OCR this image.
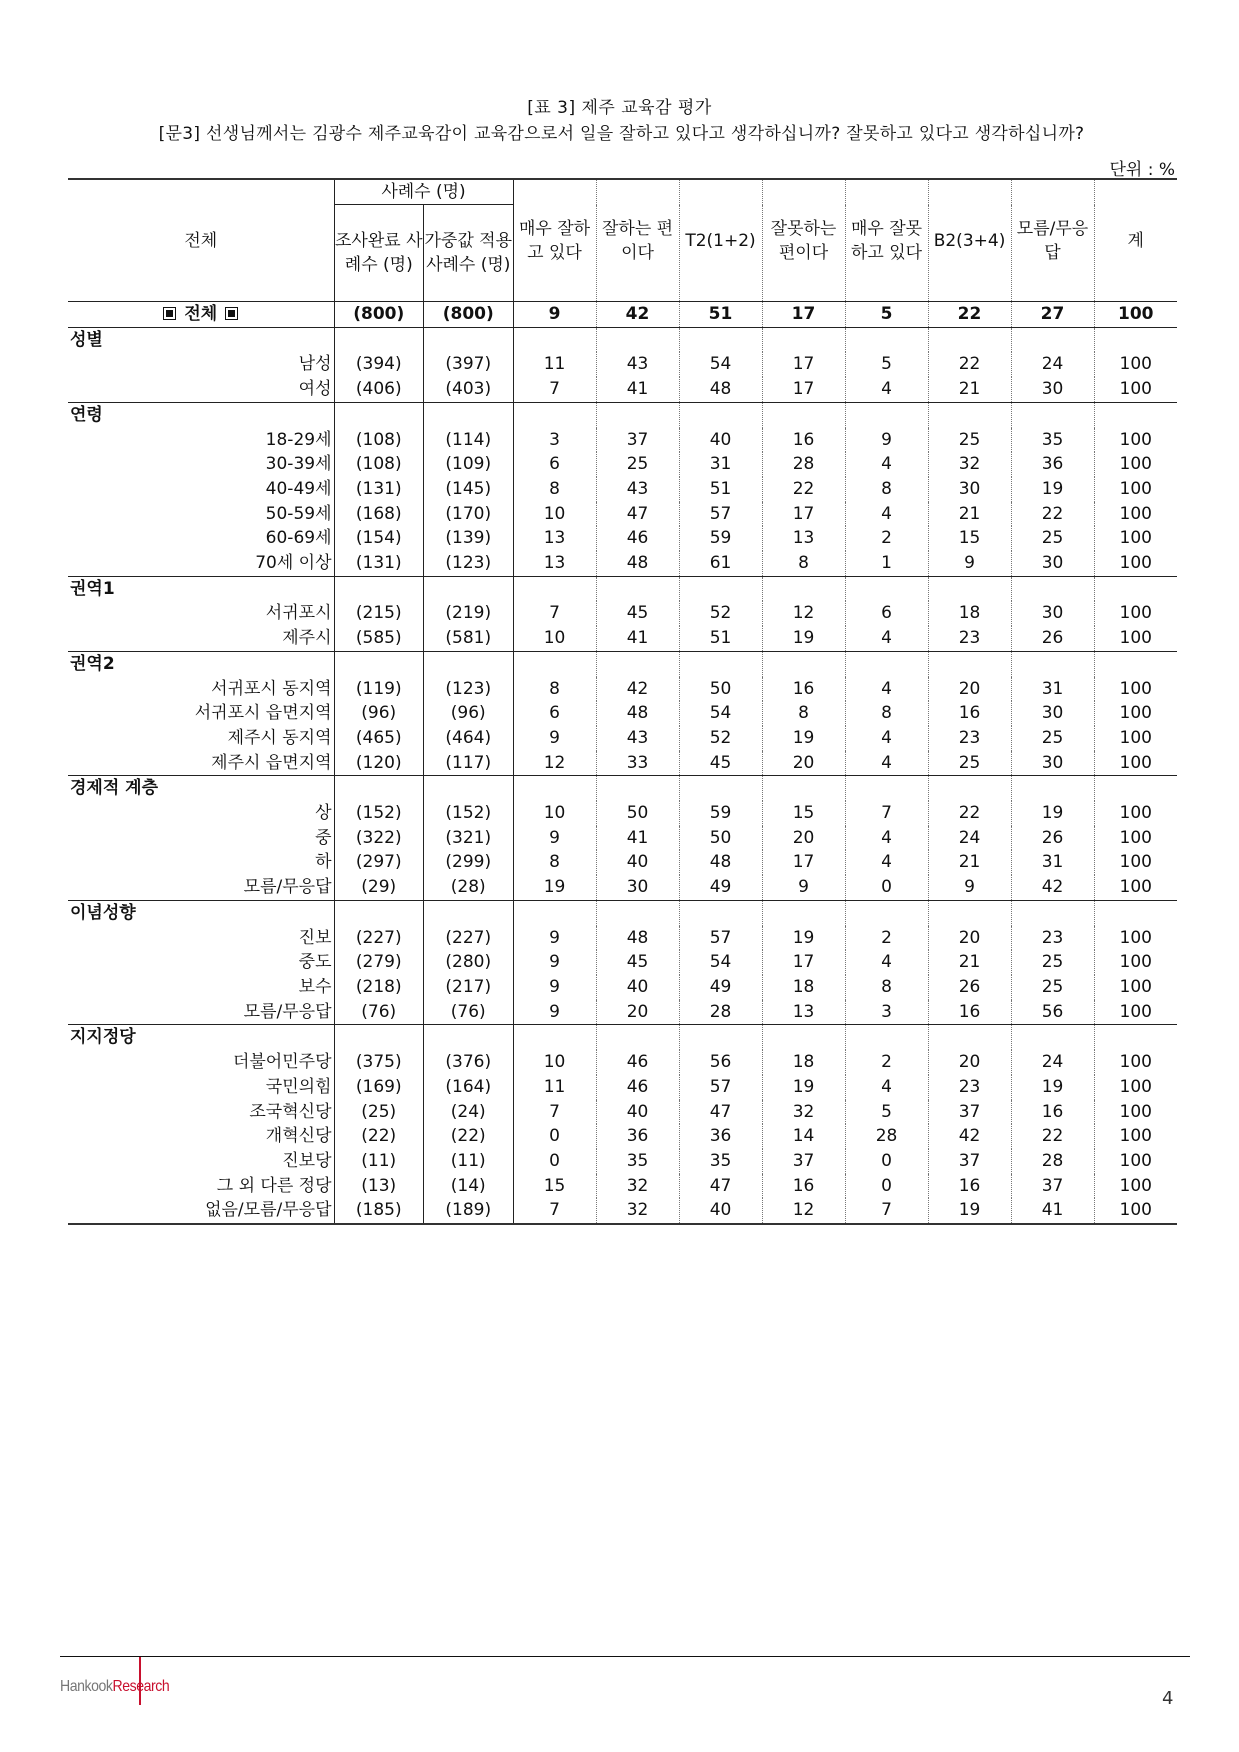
[표 3] 제주 교육감 평가
[문3] 선생님께서는 김광수 제주교육감이 교육감으로서 일을 잘하고 있다고 생각하십니까? 잘못하고 있다고 생각하십니까?
단위 : %
전체	사례수 (명)		매우 잘하고 있다	잘하는 편이다	T2(1+2)	잘못하는 편이다	매우 잘못하고 있다	B2(3+4)	모름/무응답	계
	조사완료 사례수 (명)	가중값 적용 사례수 (명)								
전체	(800)	(800)	9	42	51	17	5	22	27	100
성별										
남성	(394)	(397)	11	43	54	17	5	22	24	100
여성	(406)	(403)	7	41	48	17	4	21	30	100
연령										
18-29세	(108)	(114)	3	37	40	16	9	25	35	100
30-39세	(108)	(109)	6	25	31	28	4	32	36	100
40-49세	(131)	(145)	8	43	51	22	8	30	19	100
50-59세	(168)	(170)	10	47	57	17	4	21	22	100
60-69세	(154)	(139)	13	46	59	13	2	15	25	100
70세 이상	(131)	(123)	13	48	61	8	1	9	30	100
권역1										
서귀포시	(215)	(219)	7	45	52	12	6	18	30	100
제주시	(585)	(581)	10	41	51	19	4	23	26	100
권역2										
서귀포시 동지역	(119)	(123)	8	42	50	16	4	20	31	100
서귀포시 읍면지역	(96)	(96)	6	48	54	8	8	16	30	100
제주시 동지역	(465)	(464)	9	43	52	19	4	23	25	100
제주시 읍면지역	(120)	(117)	12	33	45	20	4	25	30	100
경제적 계층										
상	(152)	(152)	10	50	59	15	7	22	19	100
중	(322)	(321)	9	41	50	20	4	24	26	100
하	(297)	(299)	8	40	48	17	4	21	31	100
모름/무응답	(29)	(28)	19	30	49	9	0	9	42	100
이념성향										
진보	(227)	(227)	9	48	57	19	2	20	23	100
중도	(279)	(280)	9	45	54	17	4	21	25	100
보수	(218)	(217)	9	40	49	18	8	26	25	100
모름/무응답	(76)	(76)	9	20	28	13	3	16	56	100
지지정당										
더불어민주당	(375)	(376)	10	46	56	18	2	20	24	100
국민의힘	(169)	(164)	11	46	57	19	4	23	19	100
조국혁신당	(25)	(24)	7	40	47	32	5	37	16	100
개혁신당	(22)	(22)	0	36	36	14	28	42	22	100
진보당	(11)	(11)	0	35	35	37	0	37	28	100
그 외 다른 정당	(13)	(14)	15	32	47	16	0	16	37	100
없음/모름/무응답	(185)	(189)	7	32	40	12	7	19	41	100
HankookResearch
4
